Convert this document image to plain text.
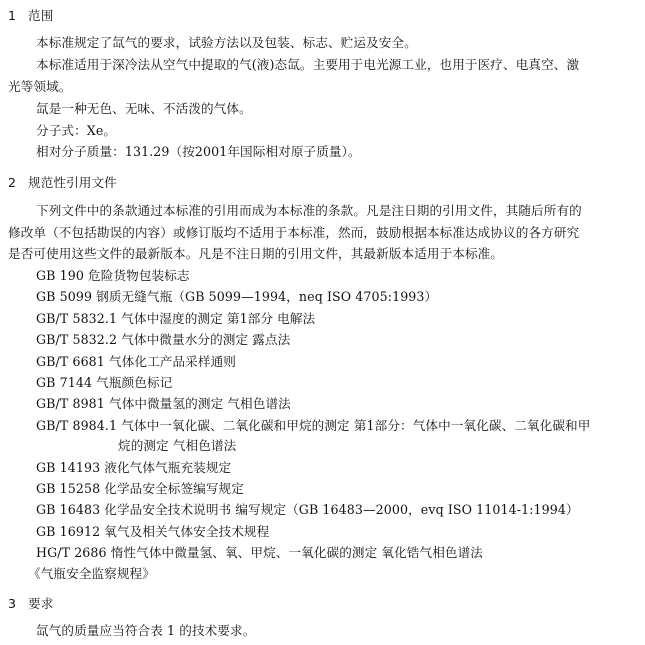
1 范围
本标准规定了氙气的要求，试验方法以及包装、标志、贮运及安全。
本标准适用于深冷法从空气中提取的气(液)态氙。主要用于电光源工业，也用于医疗、电真空、激
光等领域。
氙是一种无色、无味、不活泼的气体。
分子式：Xe。
相对分子质量：131.29（按2001年国际相对原子质量）。
2 规范性引用文件
下列文件中的条款通过本标准的引用而成为本标准的条款。凡是注日期的引用文件，其随后所有的
修改单（不包括勘误的内容）或修订版均不适用于本标准，然而，鼓励根据本标准达成协议的各方研究
是否可使用这些文件的最新版本。凡是不注日期的引用文件，其最新版本适用于本标准。
GB 190 危险货物包装标志
GB 5099 钢质无缝气瓶（GB 5099—1994，neq ISO 4705:1993）
GB/T 5832.1 气体中湿度的测定 第1部分 电解法
GB/T 5832.2 气体中微量水分的测定 露点法
GB/T 6681 气体化工产品采样通则
GB 7144 气瓶颜色标记
GB/T 8981 气体中微量氢的测定 气相色谱法
GB/T 8984.1 气体中一氧化碳、二氧化碳和甲烷的测定 第1部分：气体中一氧化碳、二氧化碳和甲
烷的测定 气相色谱法
GB 14193 液化气体气瓶充装规定
GB 15258 化学品安全标签编写规定
GB 16483 化学品安全技术说明书 编写规定（GB 16483—2000，evq ISO 11014-1:1994）
GB 16912 氧气及相关气体安全技术规程
HG/T 2686 惰性气体中微量氢、氧、甲烷、一氧化碳的测定 氧化锆气相色谱法
《气瓶安全监察规程》
3 要求
氙气的质量应当符合表 1 的技术要求。
